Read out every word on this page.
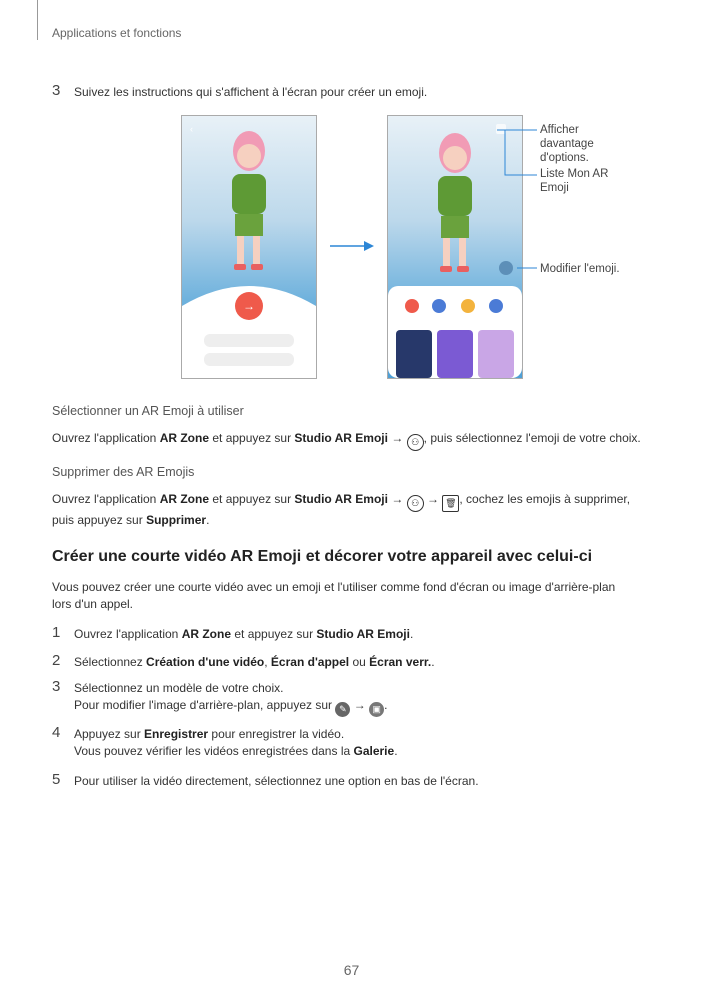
Applications et fonctions
3 Suivez les instructions qui s'affichent à l'écran pour créer un emoji.
‹
→
Afficher davantage d'options.
Liste Mon AR Emoji
Modifier l'emoji.
Sélectionner un AR Emoji à utiliser
Ouvrez l'application AR Zone et appuyez sur Studio AR Emoji → ⚇ , puis sélectionnez l'emoji de votre choix.
Supprimer des AR Emojis
Ouvrez l'application AR Zone et appuyez sur Studio AR Emoji → ⚇ → 🗑 , cochez les emojis à supprimer,
puis appuyez sur Supprimer.
Créer une courte vidéo AR Emoji et décorer votre appareil avec celui-ci
Vous pouvez créer une courte vidéo avec un emoji et l'utiliser comme fond d'écran ou image d'arrière-plan
lors d'un appel.
1 Ouvrez l'application AR Zone et appuyez sur Studio AR Emoji.
2 Sélectionnez Création d'une vidéo, Écran d'appel ou Écran verr..
3 Sélectionnez un modèle de votre choix.
Pour modifier l'image d'arrière-plan, appuyez sur ✎ → ▣ .
4 Appuyez sur Enregistrer pour enregistrer la vidéo.
Vous pouvez vérifier les vidéos enregistrées dans la Galerie.
5 Pour utiliser la vidéo directement, sélectionnez une option en bas de l'écran.
67
